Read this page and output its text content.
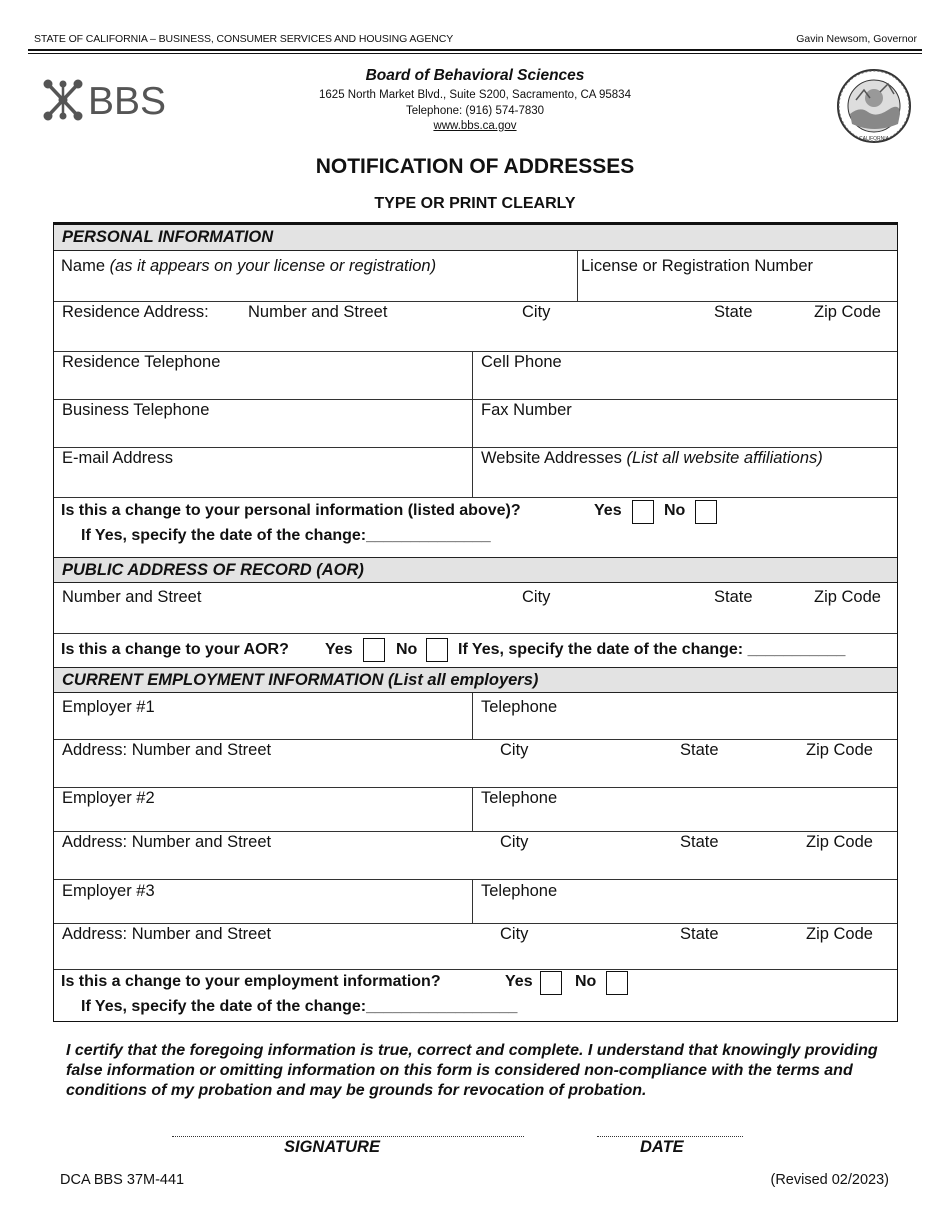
STATE OF CALIFORNIA – BUSINESS, CONSUMER SERVICES AND HOUSING AGENCY	Gavin Newsom, Governor
BBS
Board of Behavioral Sciences
1625 North Market Blvd., Suite S200, Sacramento, CA 95834
Telephone: (916) 574-7830
www.bbs.ca.gov
CALIFORNIA
NOTIFICATION OF ADDRESSES
TYPE OR PRINT CLEARLY
PERSONAL INFORMATION
Name (as it appears on your license or registration)	License or Registration Number
Residence Address: Number and Street	City	State	Zip Code
Residence Telephone	Cell Phone
Business Telephone	Fax Number
E-mail Address	Website Addresses (List all website affiliations)
Is this a change to your personal information (listed above)?	Yes	No
If Yes, specify the date of the change:______________
PUBLIC ADDRESS OF RECORD (AOR)
Number and Street	City	State	Zip Code
Is this a change to your AOR? Yes	No	If Yes, specify the date of the change: ___________
CURRENT EMPLOYMENT INFORMATION (List all employers)
Employer #1	Telephone
Address: Number and Street	City	State	Zip Code
Employer #2	Telephone
Address: Number and Street	City	State	Zip Code
Employer #3	Telephone
Address: Number and Street	City	State	Zip Code
Is this a change to your employment information?	Yes	No
If Yes, specify the date of the change:_________________
I certify that the foregoing information is true, correct and complete. I understand that knowingly providing false information or omitting information on this form is considered non-compliance with the terms and conditions of my probation and may be grounds for revocation of probation.
SIGNATURE	DATE
DCA BBS 37M-441	(Revised 02/2023)
